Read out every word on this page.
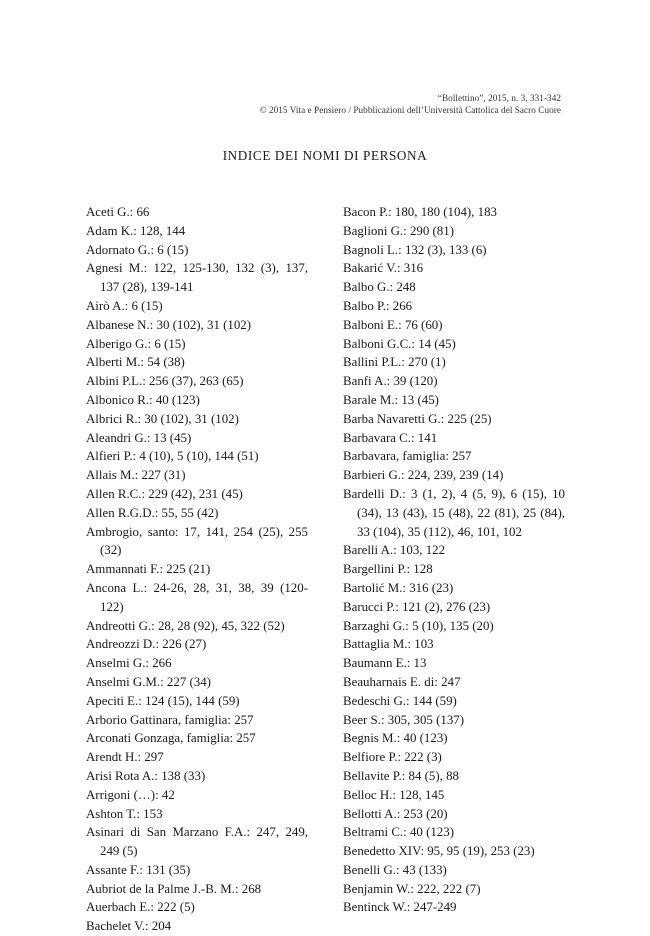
“Bollettino”, 2015, n. 3, 331-342
© 2015 Vita e Pensiero / Pubblicazioni dell’Università Cattolica del Sacro Cuore
INDICE DEI NOMI DI PERSONA
Aceti G.: 66
Adam K.: 128, 144
Adornato G.: 6 (15)
Agnesi M.: 122, 125-130, 132 (3), 137, 137 (28), 139-141
Airò A.: 6 (15)
Albanese N.: 30 (102), 31 (102)
Alberigo G.: 6 (15)
Alberti M.: 54 (38)
Albini P.L.: 256 (37), 263 (65)
Albonico R.: 40 (123)
Albrici R.: 30 (102), 31 (102)
Aleandri G.: 13 (45)
Alfieri P.: 4 (10), 5 (10), 144 (51)
Allais M.: 227 (31)
Allen R.C.: 229 (42), 231 (45)
Allen R.G.D.: 55, 55 (42)
Ambrogio, santo: 17, 141, 254 (25), 255 (32)
Ammannati F.: 225 (21)
Ancona L.: 24-26, 28, 31, 38, 39 (120-122)
Andreotti G.: 28, 28 (92), 45, 322 (52)
Andreozzi D.: 226 (27)
Anselmi G.: 266
Anselmi G.M.: 227 (34)
Apeciti E.: 124 (15), 144 (59)
Arborio Gattinara, famiglia: 257
Arconati Gonzaga, famiglia: 257
Arendt H.: 297
Arisi Rota A.: 138 (33)
Arrigoni (…): 42
Ashton T.: 153
Asinari di San Marzano F.A.: 247, 249, 249 (5)
Assante F.: 131 (35)
Aubriot de la Palme J.-B. M.: 268
Auerbach E.: 222 (5)
Bachelet V.: 204
Bacon P.: 180, 180 (104), 183
Baglioni G.: 290 (81)
Bagnoli L.: 132 (3), 133 (6)
Bakarić V.: 316
Balbo G.: 248
Balbo P.: 266
Balboni E.: 76 (60)
Balboni G.C.: 14 (45)
Ballini P.L.: 270 (1)
Banfi A.: 39 (120)
Barale M.: 13 (45)
Barba Navaretti G.: 225 (25)
Barbavara C.: 141
Barbavara, famiglia: 257
Barbieri G.: 224, 239, 239 (14)
Bardelli D.: 3 (1, 2), 4 (5, 9), 6 (15), 10 (34), 13 (43), 15 (48), 22 (81), 25 (84), 33 (104), 35 (112), 46, 101, 102
Barelli A.: 103, 122
Bargellini P.: 128
Bartolić M.: 316 (23)
Barucci P.: 121 (2), 276 (23)
Barzaghi G.: 5 (10), 135 (20)
Battaglia M.: 103
Baumann E.: 13
Beauharnais E. di: 247
Bedeschi G.: 144 (59)
Beer S.: 305, 305 (137)
Begnis M.: 40 (123)
Belfiore P.: 222 (3)
Bellavite P.: 84 (5), 88
Belloc H.: 128, 145
Bellotti A.: 253 (20)
Beltrami C.: 40 (123)
Benedetto XIV: 95, 95 (19), 253 (23)
Benelli G.: 43 (133)
Benjamin W.: 222, 222 (7)
Bentinck W.: 247-249
